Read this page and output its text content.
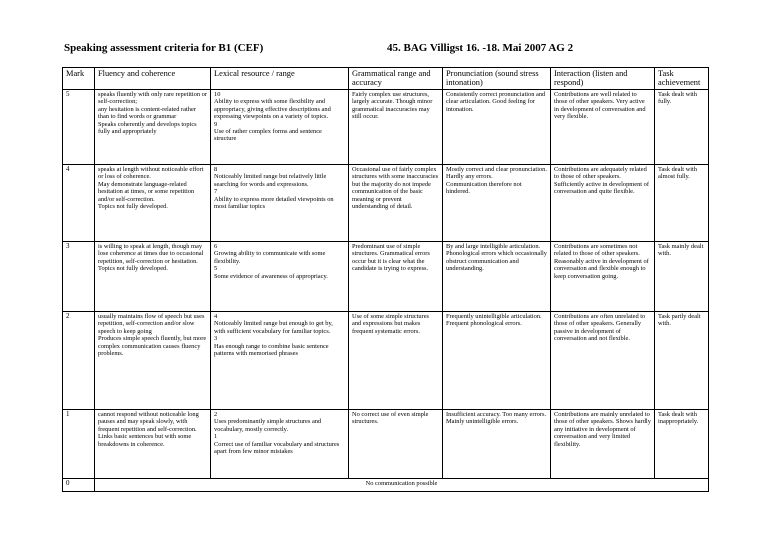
Speaking assessment criteria for B1 (CEF)	45. BAG Villigst 16. -18. Mai 2007 AG 2
Mark	Fluency and coherence	Lexical resource / range	Grammatical range and accuracy	Pronunciation (sound stress intonation)	Interaction (listen and respond)	Task achievement
5	speaks fluently with only rare repetition or self-correction;
any hesitation is content-related rather than to find words or grammar
Speaks coherently and develops topics fully and appropriately	10
Ability to express with some flexibility and appropriacy, giving effective descriptions and expressing viewpoints on a variety of topics.
9
Use of rather complex forms and sentence structure	Fairly complex use structures, largely accurate. Though minor grammatical inaccuracies may still occur.	Consistently correct pronunciation and clear articulation. Good feeling for intonation.	Contributions are well related to those of other speakers. Very active in development of conversation and very flexible.	Task dealt with fully.

4	speaks at length without noticeable effort or loss of coherence.
May demonstrate language-related hesitation at times, or some repetition and/or self-correction.
Topics not fully developed.	8
Noticeably limited range but relatively little searching for words and expressions.
7
Ability to express more detailed viewpoints on most familiar topics	Occasional use of fairly complex structures with some inaccuracies but the majority do not impede communication of the basic meaning or prevent understanding of detail.	Mostly correct and clear pronunciation. Hardly any errors.
Communication therefore not hindered.	Contributions are adequately related to those of other speakers. Sufficiently active in development of conversation and quite flexible.	Task dealt with almost fully.

3	is willing to speak at length, though may lose coherence at times due to occasional repetition, self-correction or hesitation. Topics not fully developed.	6
Growing ability to communicate with some flexibility.
5
Some evidence of awareness of appropriacy.	Predominant use of simple structures. Grammatical errors occur but it is clear what the candidate is trying to express.	By and large intelligible articulation. Phonological errors which occasionally obstruct communication and understanding.	Contributions are sometimes not related to those of other speakers. Reasonably active in development of conversation and flexible enough to keep conversation going.	Task mainly dealt with.

2	usually maintains flow of speech but uses repetition, self-correction and/or slow speech to keep going
Produces simple speech fluently, but more complex communication causes fluency problems.	4
Noticeably limited range but enough to get by, with sufficient vocabulary for familiar topics.
3
Has enough range to combine basic sentence patterns with memorised phrases	Use of some simple structures and expressions but makes frequent systematic errors.	Frequently unintelligible articulation. Frequent phonological errors.	Contributions are often unrelated to those of other speakers. Generally passive in development of conversation and not flexible.	Task partly dealt with.

1	cannot respond without noticeable long pauses and may speak slowly, with frequent repetition and self-correction.
Links basic sentences but with some breakdowns in coherence.	2
Uses predominantly simple structures and vocabulary, mostly correctly.
1
Correct use of familiar vocabulary and structures apart from few minor mistakes	No correct use of even simple structures.	Insufficient accuracy. Too many errors. Mainly unintelligible errors.	Contributions are mainly unrelated to those of other speakers. Shows hardly any initiative in development of conversation and very limited flexibility.	Task dealt with inappropriately.

0	No communication possible					
